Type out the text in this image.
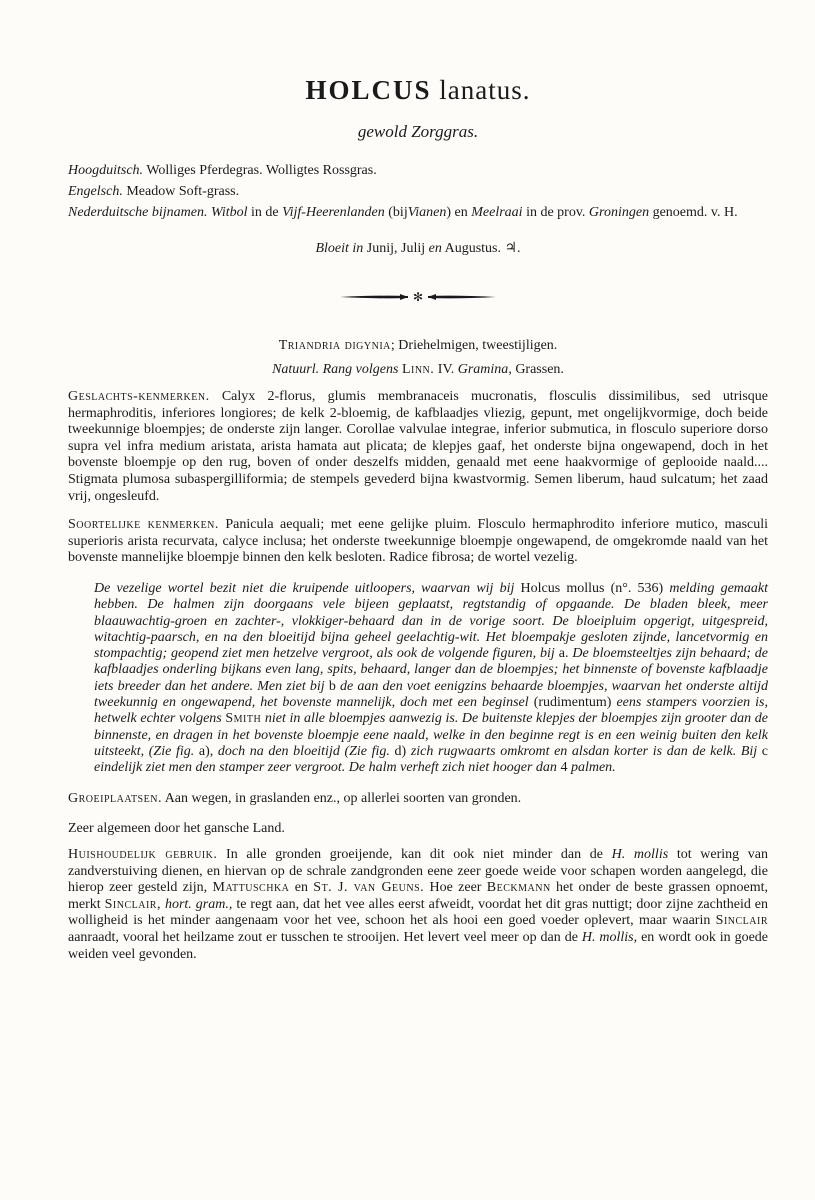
HOLCUS lanatus.
gewold Zorggras.

Hoogduitsch. Wolliges Pferdegras. Wolligtes Rossgras.

Engelsch. Meadow Soft-grass.

Nederduitsche bijnamen. Witbol in de Vijf-Heerenlanden (bijVianen) en Meelraai in de prov. Groningen genoemd. v. H.

Bloeit in Junij, Julij en Augustus. ♃.

✻

Triandria digynia; Driehelmigen, tweestijligen.

Natuurl. Rang volgens Linn. IV. Gramina, Grassen.

Geslachts-kenmerken. Calyx 2-florus, glumis membranaceis mucronatis, flosculis dissimilibus, sed utrisque hermaphroditis, inferiores longiores; de kelk 2-bloemig, de kafblaadjes vliezig, gepunt, met ongelijkvormige, doch beide tweekunnige bloempjes; de onderste zijn langer. Corollae valvulae integrae, inferior submutica, in flosculo superiore dorso supra vel infra medium aristata, arista hamata aut plicata; de klepjes gaaf, het onderste bijna ongewapend, doch in het bovenste bloempje op den rug, boven of onder deszelfs midden, genaald met eene haakvormige of geplooide naald.... Stigmata plumosa subaspergilliformia; de stempels gevederd bijna kwastvormig. Semen liberum, haud sulcatum; het zaad vrij, ongesleufd.

Soortelijke kenmerken. Panicula aequali; met eene gelijke pluim. Flosculo hermaphrodito inferiore mutico, masculi superioris arista recurvata, calyce inclusa; het onderste tweekunnige bloempje ongewapend, de omgekromde naald van het bovenste mannelijke bloempje binnen den kelk besloten. Radice fibrosa; de wortel vezelig.

De vezelige wortel bezit niet die kruipende uitloopers, waarvan wij bij Holcus mollus (n°. 536) melding gemaakt hebben. De halmen zijn doorgaans vele bijeen geplaatst, regtstandig of opgaande. De bladen bleek, meer blaauwachtig-groen en zachter-, vlokkiger-behaard dan in de vorige soort. De bloeipluim opgerigt, uitgespreid, witachtig-paarsch, en na den bloeitijd bijna geheel geelachtig-wit. Het bloempakje gesloten zijnde, lancetvormig en stompachtig; geopend ziet men hetzelve vergroot, als ook de volgende figuren, bij a. De bloemsteeltjes zijn behaard; de kafblaadjes onderling bijkans even lang, spits, behaard, langer dan de bloempjes; het binnenste of bovenste kafblaadje iets breeder dan het andere. Men ziet bij b de aan den voet eenigzins behaarde bloempjes, waarvan het onderste altijd tweekunnig en ongewapend, het bovenste mannelijk, doch met een beginsel (rudimentum) eens stampers voorzien is, hetwelk echter volgens Smith niet in alle bloempjes aanwezig is. De buitenste klepjes der bloempjes zijn grooter dan de binnenste, en dragen in het bovenste bloempje eene naald, welke in den beginne regt is en een weinig buiten den kelk uitsteekt, (Zie fig. a), doch na den bloeitijd (Zie fig. d) zich rugwaarts omkromt en alsdan korter is dan de kelk. Bij c eindelijk ziet men den stamper zeer vergroot. De halm verheft zich niet hooger dan 4 palmen.

Groeiplaatsen. Aan wegen, in graslanden enz., op allerlei soorten van gronden.

Zeer algemeen door het gansche Land.

Huishoudelijk gebruik. In alle gronden groeijende, kan dit ook niet minder dan de H. mollis tot wering van zandverstuiving dienen, en hiervan op de schrale zandgronden eene zeer goede weide voor schapen worden aangelegd, die hierop zeer gesteld zijn, Mattuschka en St. J. van Geuns. Hoe zeer Beckmann het onder de beste grassen opnoemt, merkt Sinclair, hort. gram., te regt aan, dat het vee alles eerst afweidt, voordat het dit gras nuttigt; door zijne zachtheid en wolligheid is het minder aangenaam voor het vee, schoon het als hooi een goed voeder oplevert, maar waarin Sinclair aanraadt, vooral het heilzame zout er tusschen te strooijen. Het levert veel meer op dan de H. mollis, en wordt ook in goede weiden veel gevonden.
